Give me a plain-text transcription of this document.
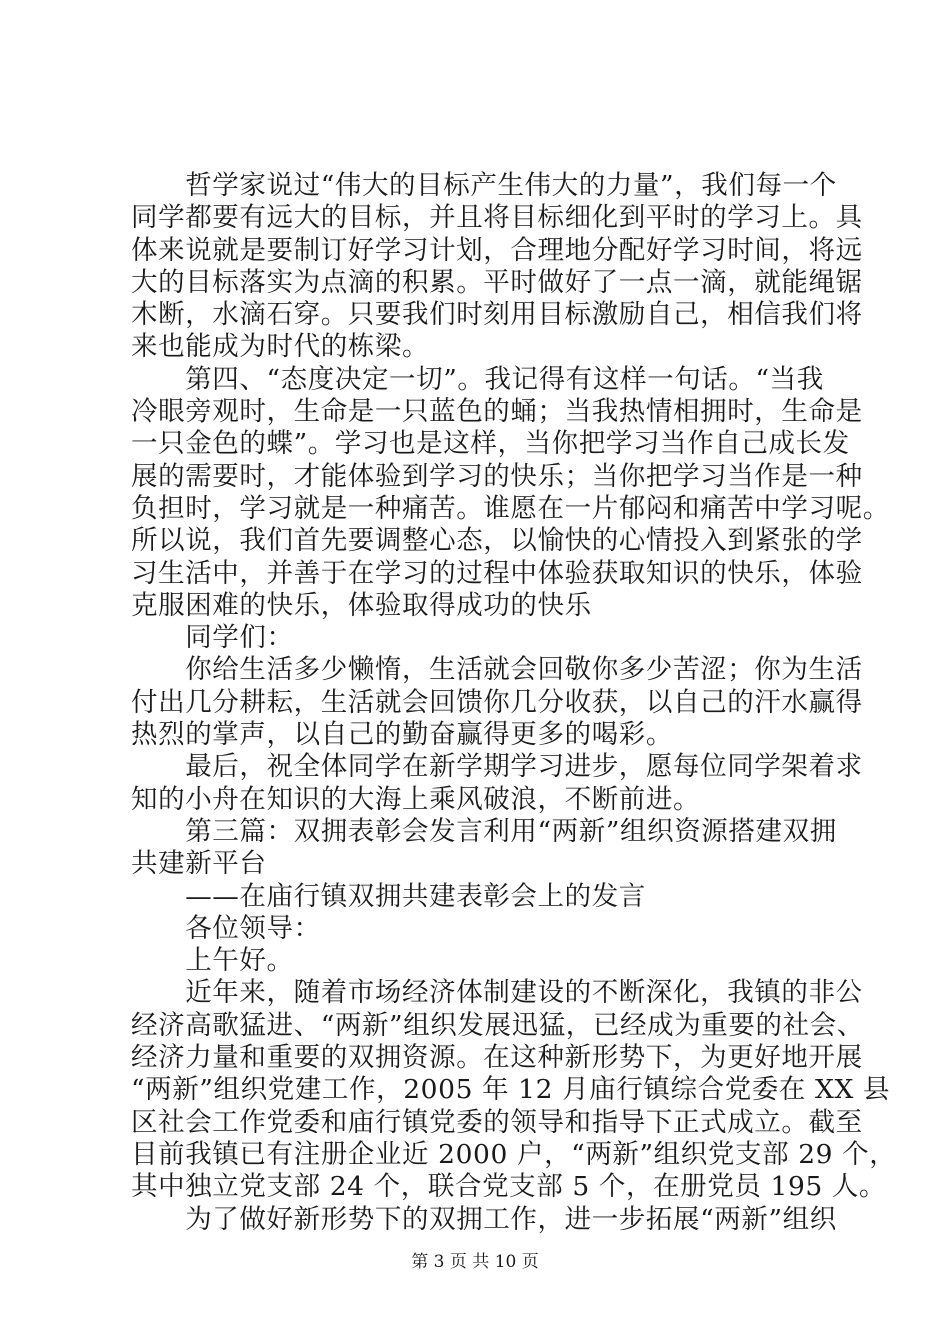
　　哲学家说过“伟大的目标产生伟大的力量”，我们每一个
同学都要有远大的目标，并且将目标细化到平时的学习上。具
体来说就是要制订好学习计划，合理地分配好学习时间，将远
大的目标落实为点滴的积累。平时做好了一点一滴，就能绳锯
木断，水滴石穿。只要我们时刻用目标激励自己，相信我们将
来也能成为时代的栋梁。
　　第四、“态度决定一切”。我记得有这样一句话。“当我
冷眼旁观时，生命是一只蓝色的蛹；当我热情相拥时，生命是
一只金色的蝶”。学习也是这样，当你把学习当作自己成长发
展的需要时，才能体验到学习的快乐；当你把学习当作是一种
负担时，学习就是一种痛苦。谁愿在一片郁闷和痛苦中学习呢。
所以说，我们首先要调整心态，以愉快的心情投入到紧张的学
习生活中，并善于在学习的过程中体验获取知识的快乐，体验
克服困难的快乐，体验取得成功的快乐
　　同学们：
　　你给生活多少懒惰，生活就会回敬你多少苦涩；你为生活
付出几分耕耘，生活就会回馈你几分收获，以自己的汗水赢得
热烈的掌声，以自己的勤奋赢得更多的喝彩。
　　最后，祝全体同学在新学期学习进步，愿每位同学架着求
知的小舟在知识的大海上乘风破浪，不断前进。
　　第三篇：双拥表彰会发言利用“两新”组织资源搭建双拥
共建新平台
　　——在庙行镇双拥共建表彰会上的发言
　　各位领导：
　　上午好。
　　近年来，随着市场经济体制建设的不断深化，我镇的非公
经济高歌猛进、“两新”组织发展迅猛，已经成为重要的社会、
经济力量和重要的双拥资源。在这种新形势下，为更好地开展
“两新”组织党建工作，2005 年 12 月庙行镇综合党委在 XX 县
区社会工作党委和庙行镇党委的领导和指导下正式成立。截至
目前我镇已有注册企业近 2000 户，“两新”组织党支部 29 个，
其中独立党支部 24 个，联合党支部 5 个，在册党员 195 人。
　　为了做好新形势下的双拥工作，进一步拓展“两新”组织
第 3 页 共 10 页
